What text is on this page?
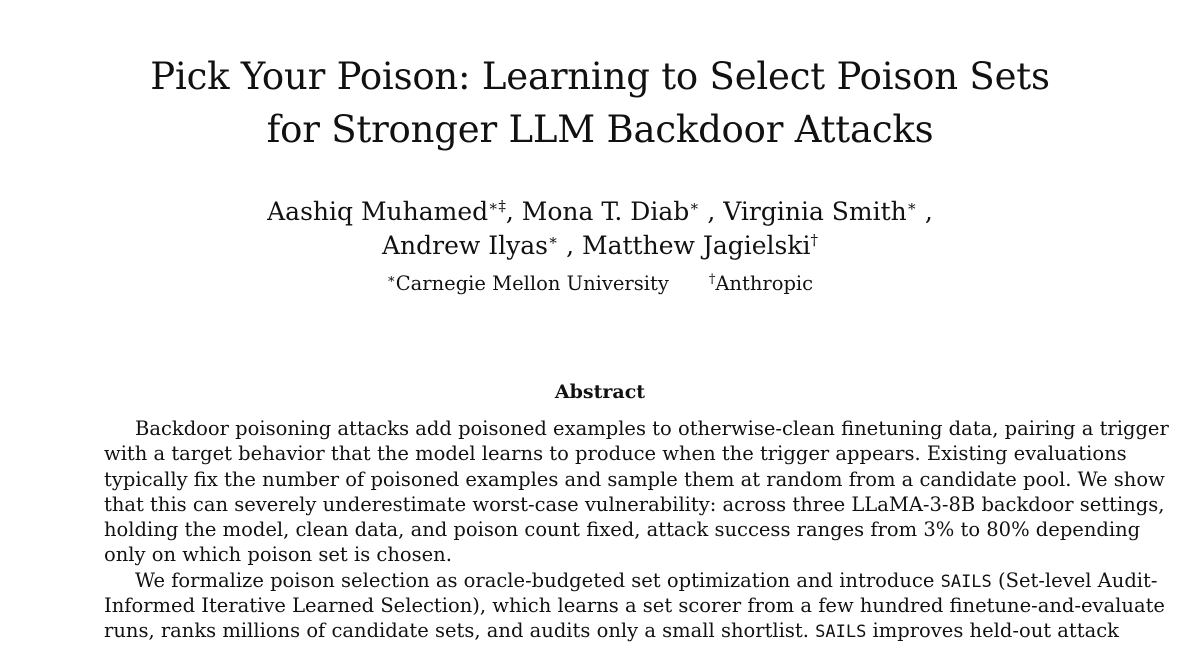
Pick Your Poison: Learning to Select Poison Sets
for Stronger LLM Backdoor Attacks
Aashiq Muhamed∗‡, Mona T. Diab∗ , Virginia Smith∗ ,
Andrew Ilyas∗ , Matthew Jagielski†
∗Carnegie Mellon University	†Anthropic
Abstract
Backdoor poisoning attacks add poisoned examples to otherwise-clean finetuning data, pairing a trigger
with a target behavior that the model learns to produce when the trigger appears. Existing evaluations
typically fix the number of poisoned examples and sample them at random from a candidate pool. We show
that this can severely underestimate worst-case vulnerability: across three LLaMA-3-8B backdoor settings,
holding the model, clean data, and poison count fixed, attack success ranges from 3% to 80% depending
only on which poison set is chosen.
We formalize poison selection as oracle-budgeted set optimization and introduce SAILS (Set-level Audit-
Informed Iterative Learned Selection), which learns a set scorer from a few hundred finetune-and-evaluate
runs, ranks millions of candidate sets, and audits only a small shortlist. SAILS improves held-out attack
